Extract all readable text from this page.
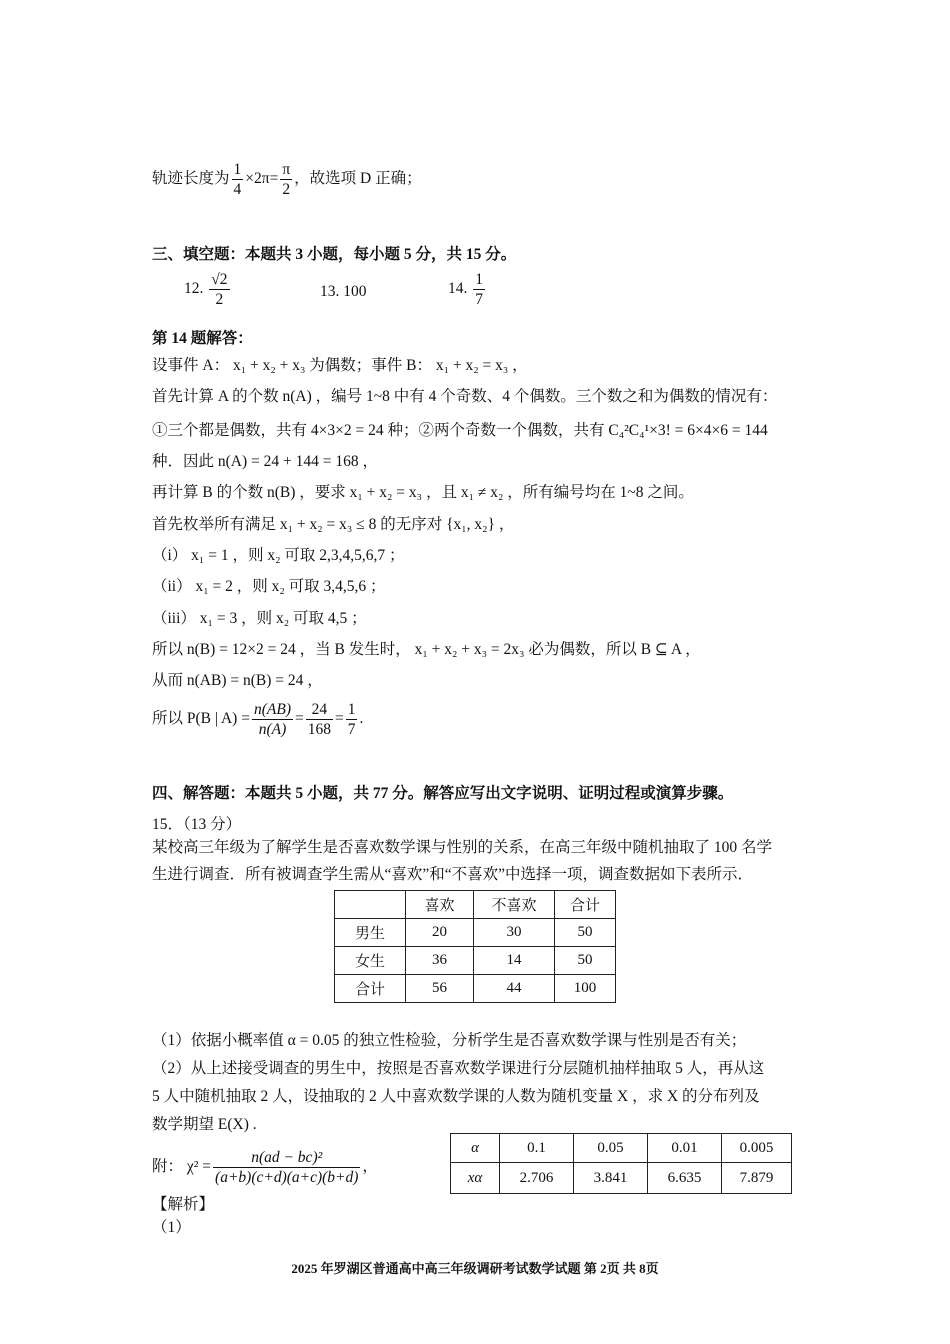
轨迹长度为 $\frac{1}{4} \times 2\pi= \frac{\pi}{2}$ ，故选项 D 正确；
三、填空题：本题共 3 小题，每小题 5 分，共 15 分。
12. $\frac{√2}{2}$	13. 100	14. $\frac{1}{7}$
第 14 题解答：
设事件 A： x₁ + x₂ + x₃ 为偶数；事件 B： x₁ + x₂ = x₃ ，
首先计算 A 的个数 n(A) ，编号 1~8 中有 4 个奇数、4 个偶数。三个数之和为偶数的情况有：
①三个都是偶数，共有 4×3×2 = 24 种；②两个奇数一个偶数，共有 C₄²C₄¹×3! = 6×4×6 = 144
种．因此 n(A) = 24 + 144 = 168 ，
再计算 B 的个数 n(B) ，要求 x₁ + x₂ = x₃ ，且 x₁ ≠ x₂ ，所有编号均在 1~8 之间。
首先枚举所有满足 x₁ + x₂ = x₃ ≤ 8 的无序对 {x₁, x₂} ，
（i） x₁ = 1 ，则 x₂ 可取 2,3,4,5,6,7 ；
（ii） x₁ = 2 ，则 x₂ 可取 3,4,5,6 ；
（iii） x₁ = 3 ，则 x₂ 可取 4,5 ；
所以 n(B) = 12×2 = 24 ，当 B 发生时， x₁ + x₂ + x₃ = 2x₃ 必为偶数，所以 B ⊆ A ，
从而 n(AB) = n(B) = 24 ，
所以 P(B | $A) = \frac{n(AB)}{n(A)} = \frac{24}{168} = \frac{1}{7}$ .
四、解答题：本题共 5 小题，共 77 分。解答应写出文字说明、证明过程或演算步骤。
15．（13 分）
某校高三年级为了解学生是否喜欢数学课与性别的关系，在高三年级中随机抽取了 100 名学
生进行调查．所有被调查学生需从“喜欢”和“不喜欢”中选择一项，调查数据如下表所示．
	喜欢	不喜欢	合计
男生	20	30	50
女生	36	14	50
合计	56	44	100
（1）依据小概率值 α = 0.05 的独立性检验，分析学生是否喜欢数学课与性别是否有关；
（2）从上述接受调查的男生中，按照是否喜欢数学课进行分层随机抽样抽取 5 人，再从这
5 人中随机抽取 2 人，设抽取的 2 人中喜欢数学课的人数为随机变量 X ，求 X 的分布列及
数学期望 E(X) .
附： $\chi^2 = \frac{\text{n(ad − bc)²}}{(a+b)(c+d)(a+c)(b+d)}$ ，
α	0.1	0.05	0.01	0.005
xα	2.706	3.841	6.635	7.879
【解析】
（1）
2025 年罗湖区普通高中高三年级调研考试数学试题 第 2页 共 8页
